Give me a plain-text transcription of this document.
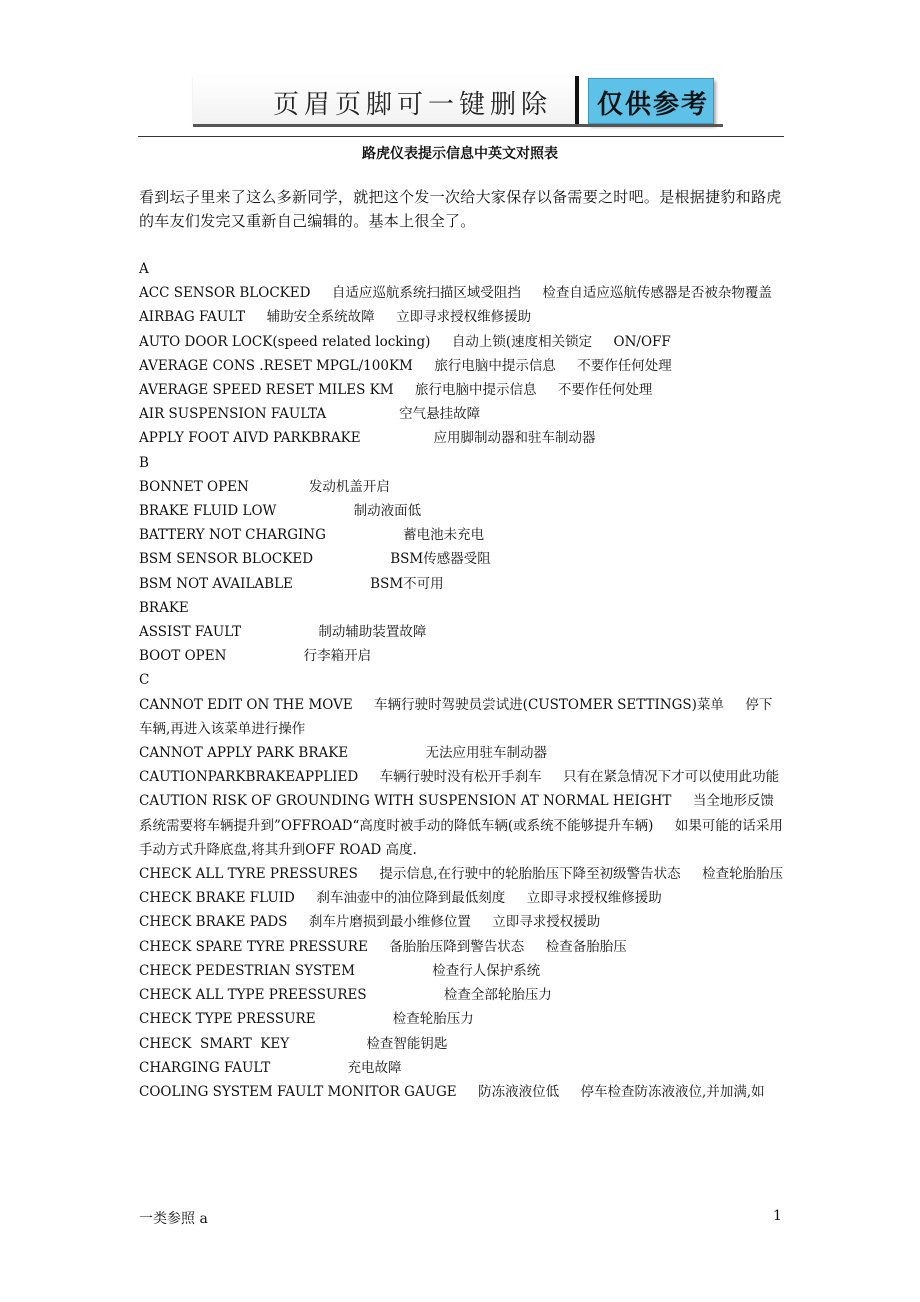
页眉页脚可一键删除 仅供参考
路虎仪表提示信息中英文对照表

看到坛子里来了这么多新同学，就把这个发一次给大家保存以备需要之时吧。是根据捷豹和路虎的车友们发完又重新自己编辑的。基本上很全了。

A
ACC SENSOR BLOCKED     自适应巡航系统扫描区域受阻挡     检查自适应巡航传感器是否被杂物覆盖
AIRBAG FAULT     辅助安全系统故障     立即寻求授权维修援助
AUTO DOOR LOCK(speed related locking)     自动上锁(速度相关锁定     ON/OFF
AVERAGE CONS .RESET MPGL/100KM     旅行电脑中提示信息     不要作任何处理
AVERAGE SPEED RESET MILES KM     旅行电脑中提示信息     不要作任何处理
AIR SUSPENSION FAULTA                 空气悬挂故障
APPLY FOOT AIVD PARKBRAKE                 应用脚制动器和驻车制动器
B
BONNET OPEN              发动机盖开启
BRAKE FLUID LOW                  制动液面低
BATTERY NOT CHARGING                  蓄电池未充电
BSM SENSOR BLOCKED                  BSM传感器受阻
BSM NOT AVAILABLE                  BSM不可用
BRAKE
ASSIST FAULT                  制动辅助装置故障
BOOT OPEN                  行李箱开启
C
CANNOT EDIT ON THE MOVE     车辆行驶时驾驶员尝试进(CUSTOMER SETTINGS)菜单     停下车辆,再进入该菜单进行操作
CANNOT APPLY PARK BRAKE                  无法应用驻车制动器
CAUTIONPARKBRAKEAPPLIED     车辆行驶时没有松开手刹车     只有在紧急情况下才可以使用此功能
CAUTION RISK OF GROUNDING WITH SUSPENSION AT NORMAL HEIGHT     当全地形反馈系统需要将车辆提升到”OFFROAD“高度时被手动的降低车辆(或系统不能够提升车辆)     如果可能的话采用手动方式升降底盘,将其升到OFF ROAD 高度.
CHECK ALL TYRE PRESSURES     提示信息,在行驶中的轮胎胎压下降至初级警告状态     检查轮胎胎压
CHECK BRAKE FLUID     刹车油壶中的油位降到最低刻度     立即寻求授权维修援助
CHECK BRAKE PADS     刹车片磨损到最小维修位置     立即寻求授权援助
CHECK SPARE TYRE PRESSURE     备胎胎压降到警告状态     检查备胎胎压
CHECK PEDESTRIAN SYSTEM                  检查行人保护系统
CHECK ALL TYPE PREESSURES                  检查全部轮胎压力
CHECK TYPE PRESSURE                  检查轮胎压力
CHECK  SMART  KEY                  检查智能钥匙
CHARGING FAULT                  充电故障
COOLING SYSTEM FAULT MONITOR GAUGE     防冻液液位低     停车检查防冻液液位,并加满,如
一类参照 a	1
